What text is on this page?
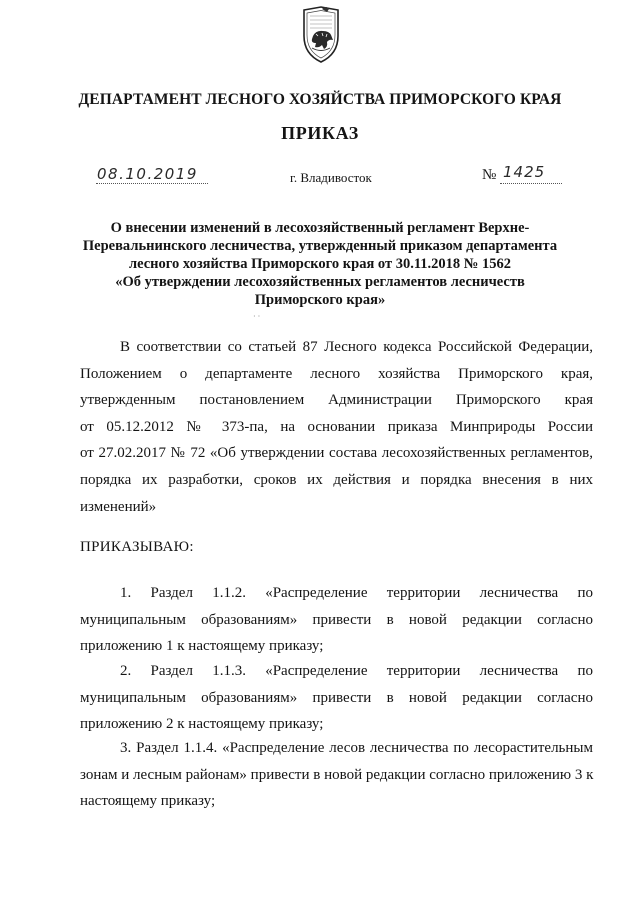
ДЕПАРТАМЕНТ ЛЕСНОГО ХОЗЯЙСТВА ПРИМОРСКОГО КРАЯ
ПРИКАЗ
08.10.2019	г. Владивосток	№ 1425
О внесении изменений в лесохозяйственный регламент Верхне-
Перевальнинского лесничества, утвержденный приказом департамента
лесного хозяйства Приморского края от 30.11.2018 № 1562
«Об утверждении лесохозяйственных регламентов лесничеств
Приморского края»
· ·
В соответствии со статьей 87 Лесного кодекса Российской Федерации,
Положением о департаменте лесного хозяйства Приморского края,
утвержденным постановлением Администрации Приморского края
от 05.12.2012 № 373-па, на основании приказа Минприроды России
от 27.02.2017 № 72 «Об утверждении состава лесохозяйственных регламентов,
порядка их разработки, сроков их действия и порядка внесения в них
изменений»
ПРИКАЗЫВАЮ:
1. Раздел 1.1.2. «Распределение территории лесничества по
муниципальным образованиям» привести в новой редакции согласно
приложению 1 к настоящему приказу;
2. Раздел 1.1.3. «Распределение территории лесничества по
муниципальным образованиям» привести в новой редакции согласно
приложению 2 к настоящему приказу;
3. Раздел 1.1.4. «Распределение лесов лесничества по лесорастительным
зонам и лесным районам» привести в новой редакции согласно приложению 3 к
настоящему приказу;
